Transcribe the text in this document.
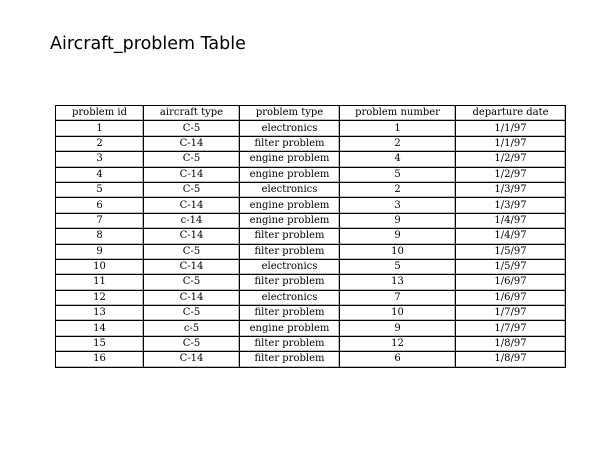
Aircraft_problem Table
problem id	aircraft type	problem type	problem number	departure date
1	C-5	electronics	1	1/1/97
2	C-14	filter problem	2	1/1/97
3	C-5	engine problem	4	1/2/97
4	C-14	engine problem	5	1/2/97
5	C-5	electronics	2	1/3/97
6	C-14	engine problem	3	1/3/97
7	c-14	engine problem	9	1/4/97
8	C-14	filter problem	9	1/4/97
9	C-5	filter problem	10	1/5/97
10	C-14	electronics	5	1/5/97
11	C-5	filter problem	13	1/6/97
12	C-14	electronics	7	1/6/97
13	C-5	filter problem	10	1/7/97
14	c-5	engine problem	9	1/7/97
15	C-5	filter problem	12	1/8/97
16	C-14	filter problem	6	1/8/97
